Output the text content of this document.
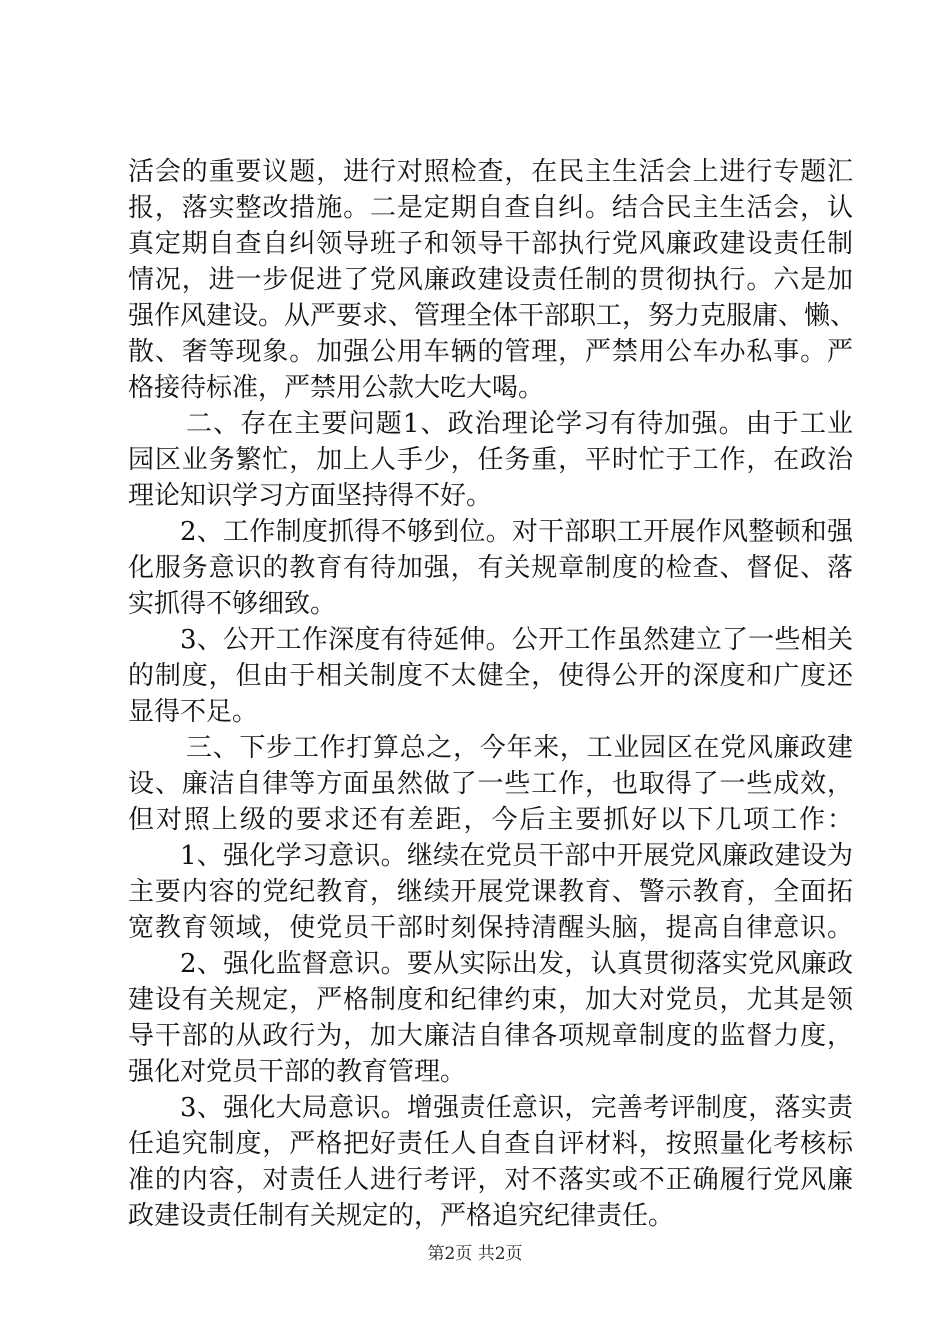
活会的重要议题，进行对照检查，在民主生活会上进行专题汇
报，落实整改措施。二是定期自查自纠。结合民主生活会，认
真定期自查自纠领导班子和领导干部执行党风廉政建设责任制
情况，进一步促进了党风廉政建设责任制的贯彻执行。六是加
强作风建设。从严要求、管理全体干部职工，努力克服庸、懒、
散、奢等现象。加强公用车辆的管理，严禁用公车办私事。严
格接待标准，严禁用公款大吃大喝。
二、存在主要问题1、政治理论学习有待加强。由于工业
园区业务繁忙，加上人手少，任务重，平时忙于工作，在政治
理论知识学习方面坚持得不好。
2、工作制度抓得不够到位。对干部职工开展作风整顿和强
化服务意识的教育有待加强，有关规章制度的检查、督促、落
实抓得不够细致。
3、公开工作深度有待延伸。公开工作虽然建立了一些相关
的制度，但由于相关制度不太健全，使得公开的深度和广度还
显得不足。
三、下步工作打算总之，今年来，工业园区在党风廉政建
设、廉洁自律等方面虽然做了一些工作，也取得了一些成效，
但对照上级的要求还有差距，今后主要抓好以下几项工作：
1、强化学习意识。继续在党员干部中开展党风廉政建设为
主要内容的党纪教育，继续开展党课教育、警示教育，全面拓
宽教育领域，使党员干部时刻保持清醒头脑，提高自律意识。
2、强化监督意识。要从实际出发，认真贯彻落实党风廉政
建设有关规定，严格制度和纪律约束，加大对党员，尤其是领
导干部的从政行为，加大廉洁自律各项规章制度的监督力度，
强化对党员干部的教育管理。
3、强化大局意识。增强责任意识，完善考评制度，落实责
任追究制度，严格把好责任人自查自评材料，按照量化考核标
准的内容，对责任人进行考评，对不落实或不正确履行党风廉
政建设责任制有关规定的，严格追究纪律责任。
第2页 共2页
